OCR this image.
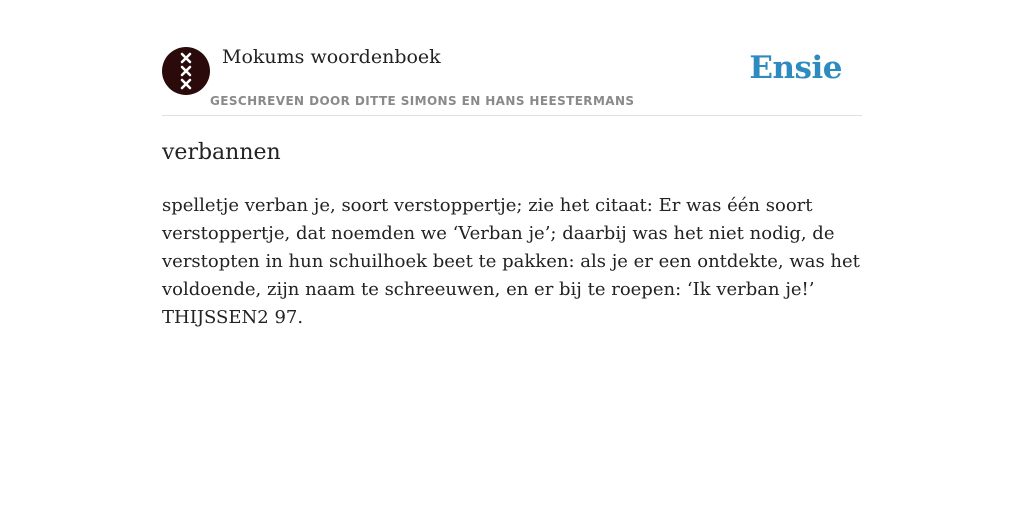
Mokums woordenboek
GESCHREVEN DOOR DITTE SIMONS EN HANS HEESTERMANS
Ensie
verbannen

spelletje verban je, soort verstoppertje; zie het citaat: Er was één soort verstoppertje, dat noemden we ‘Verban je’; daarbij was het niet nodig, de verstopten in hun schuilhoek beet te pakken: als je er een ontdekte, was het voldoende, zijn naam te schreeuwen, en er bij te roepen: ‘Ik verban je!’ THIJSSEN2 97.
